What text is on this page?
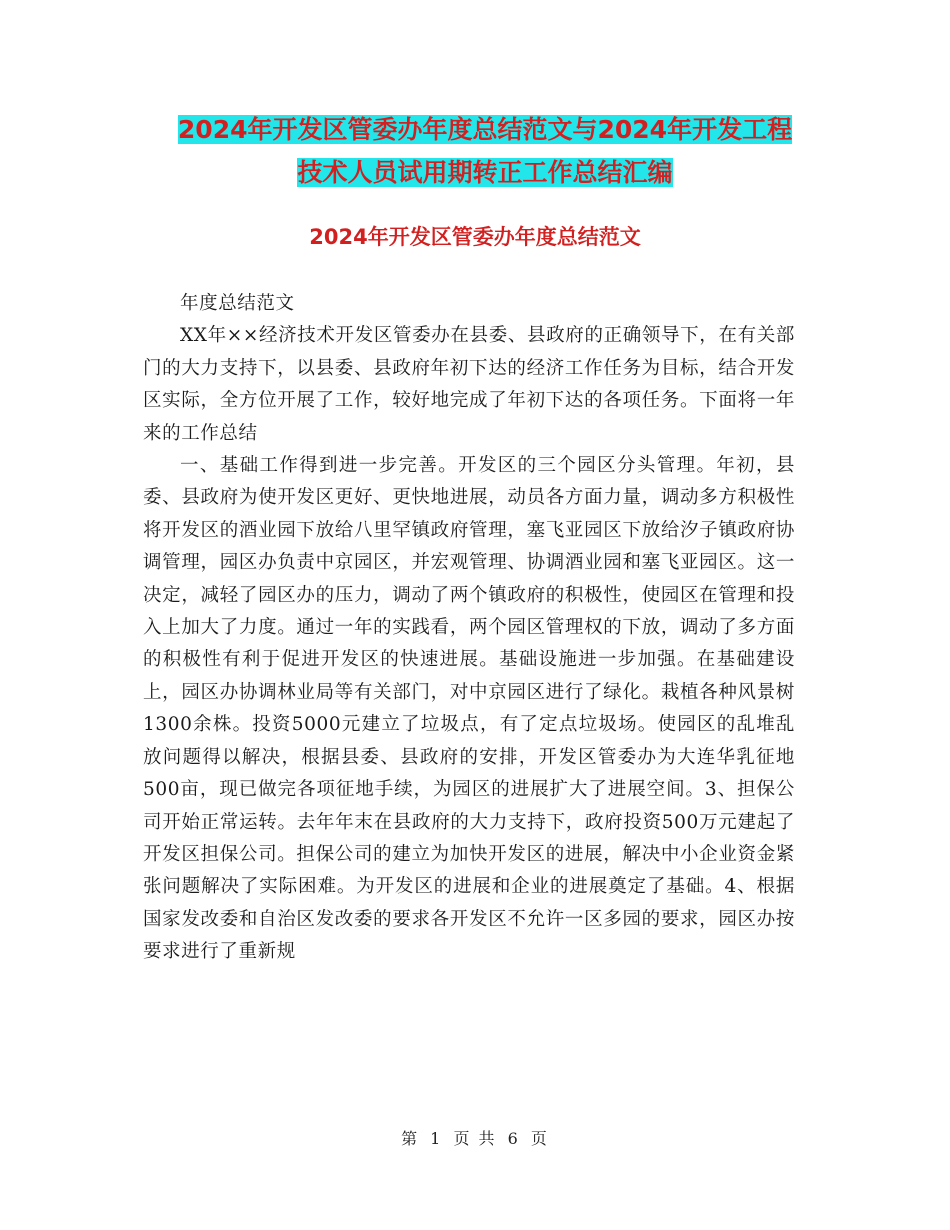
2024年开发区管委办年度总结范文与2024年开发工程
技术人员试用期转正工作总结汇编
2024年开发区管委办年度总结范文

年度总结范文

XX年××经济技术开发区管委办在县委、县政府的正确领导下，在有关部门的大力支持下，以县委、县政府年初下达的经济工作任务为目标，结合开发区实际，全方位开展了工作，较好地完成了年初下达的各项任务。下面将一年来的工作总结

一、基础工作得到进一步完善。开发区的三个园区分头管理。年初，县委、县政府为使开发区更好、更快地进展，动员各方面力量，调动多方积极性将开发区的酒业园下放给八里罕镇政府管理，塞飞亚园区下放给汐子镇政府协调管理，园区办负责中京园区，并宏观管理、协调酒业园和塞飞亚园区。这一决定，减轻了园区办的压力，调动了两个镇政府的积极性，使园区在管理和投入上加大了力度。通过一年的实践看，两个园区管理权的下放，调动了多方面的积极性有利于促进开发区的快速进展。基础设施进一步加强。在基础建设上，园区办协调林业局等有关部门，对中京园区进行了绿化。栽植各种风景树1300余株。投资5000元建立了垃圾点，有了定点垃圾场。使园区的乱堆乱放问题得以解决，根据县委、县政府的安排，开发区管委办为大连华乳征地500亩，现已做完各项征地手续，为园区的进展扩大了进展空间。3、担保公司开始正常运转。去年年末在县政府的大力支持下，政府投资500万元建起了开发区担保公司。担保公司的建立为加快开发区的进展，解决中小企业资金紧张问题解决了实际困难。为开发区的进展和企业的进展奠定了基础。4、根据国家发改委和自治区发改委的要求各开发区不允许一区多园的要求，园区办按要求进行了重新规

第 1 页 共 6 页
